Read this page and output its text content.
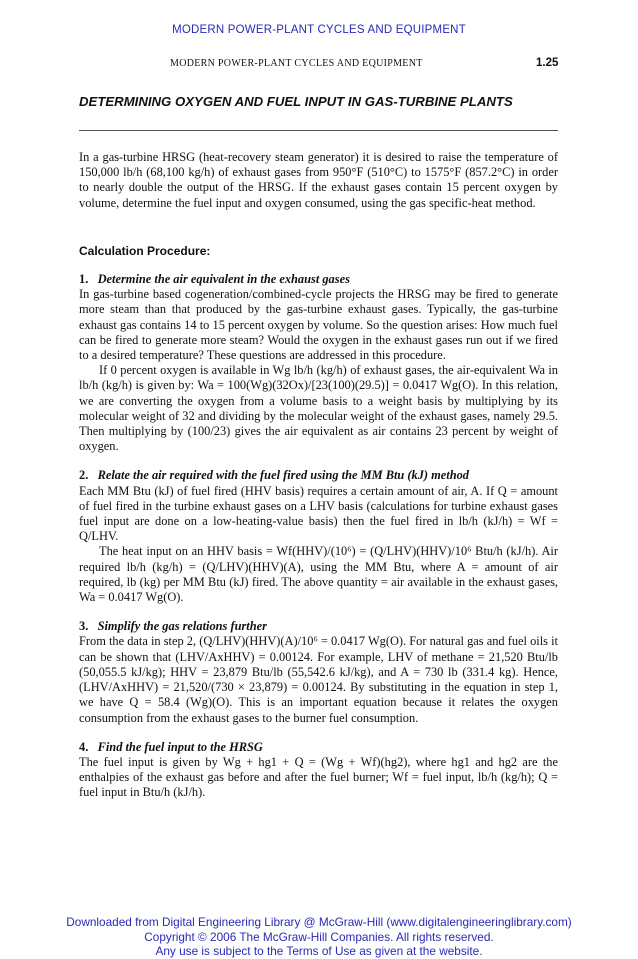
MODERN POWER-PLANT CYCLES AND EQUIPMENT
MODERN POWER-PLANT CYCLES AND EQUIPMENT	1.25
DETERMINING OXYGEN AND FUEL INPUT IN GAS-TURBINE PLANTS

In a gas-turbine HRSG (heat-recovery steam generator) it is desired to raise the temperature of 150,000 lb/h (68,100 kg/h) of exhaust gases from 950°F (510°C) to 1575°F (857.2°C) in order to nearly double the output of the HRSG. If the exhaust gases contain 15 percent oxygen by volume, determine the fuel input and oxygen consumed, using the gas specific-heat method.

Calculation Procedure:
1. Determine the air equivalent in the exhaust gases

In gas-turbine based cogeneration/combined-cycle projects the HRSG may be fired to generate more steam than that produced by the gas-turbine exhaust gases. Typically, the gas-turbine exhaust gas contains 14 to 15 percent oxygen by volume. So the question arises: How much fuel can be fired to generate more steam? Would the oxygen in the exhaust gases run out if we fired to a desired temperature? These questions are addressed in this procedure.

If 0 percent oxygen is available in Wg lb/h (kg/h) of exhaust gases, the air-equivalent Wa in lb/h (kg/h) is given by: Wa = 100(Wg)(32Ox)/[23(100)(29.5)] = 0.0417 Wg(O). In this relation, we are converting the oxygen from a volume basis to a weight basis by multiplying by its molecular weight of 32 and dividing by the molecular weight of the exhaust gases, namely 29.5. Then multiplying by (100/23) gives the air equivalent as air contains 23 percent by weight of oxygen.

2. Relate the air required with the fuel fired using the MM Btu (kJ) method

Each MM Btu (kJ) of fuel fired (HHV basis) requires a certain amount of air, A. If Q = amount of fuel fired in the turbine exhaust gases on a LHV basis (calculations for turbine exhaust gases fuel input are done on a low-heating-value basis) then the fuel fired in lb/h (kJ/h) = Wf = Q/LHV.

The heat input on an HHV basis = Wf(HHV)/(10⁶) = (Q/LHV)(HHV)/10⁶ Btu/h (kJ/h). Air required lb/h (kg/h) = (Q/LHV)(HHV)(A), using the MM Btu, where A = amount of air required, lb (kg) per MM Btu (kJ) fired. The above quantity = air available in the exhaust gases, Wa = 0.0417 Wg(O).

3. Simplify the gas relations further

From the data in step 2, (Q/LHV)(HHV)(A)/10⁶ = 0.0417 Wg(O). For natural gas and fuel oils it can be shown that (LHV/AxHHV) = 0.00124. For example, LHV of methane = 21,520 Btu/lb (50,055.5 kJ/kg); HHV = 23,879 Btu/lb (55,542.6 kJ/kg), and A = 730 lb (331.4 kg). Hence, (LHV/AxHHV) = 21,520/(730 × 23,879) = 0.00124. By substituting in the equation in step 1, we have Q = 58.4 (Wg)(O). This is an important equation because it relates the oxygen consumption from the exhaust gases to the burner fuel consumption.

4. Find the fuel input to the HRSG

The fuel input is given by Wg + hg1 + Q = (Wg + Wf)(hg2), where hg1 and hg2 are the enthalpies of the exhaust gas before and after the fuel burner; Wf = fuel input, lb/h (kg/h); Q = fuel input in Btu/h (kJ/h).

Downloaded from Digital Engineering Library @ McGraw-Hill (www.digitalengineeringlibrary.com)
Copyright © 2006 The McGraw-Hill Companies. All rights reserved.
Any use is subject to the Terms of Use as given at the website.
